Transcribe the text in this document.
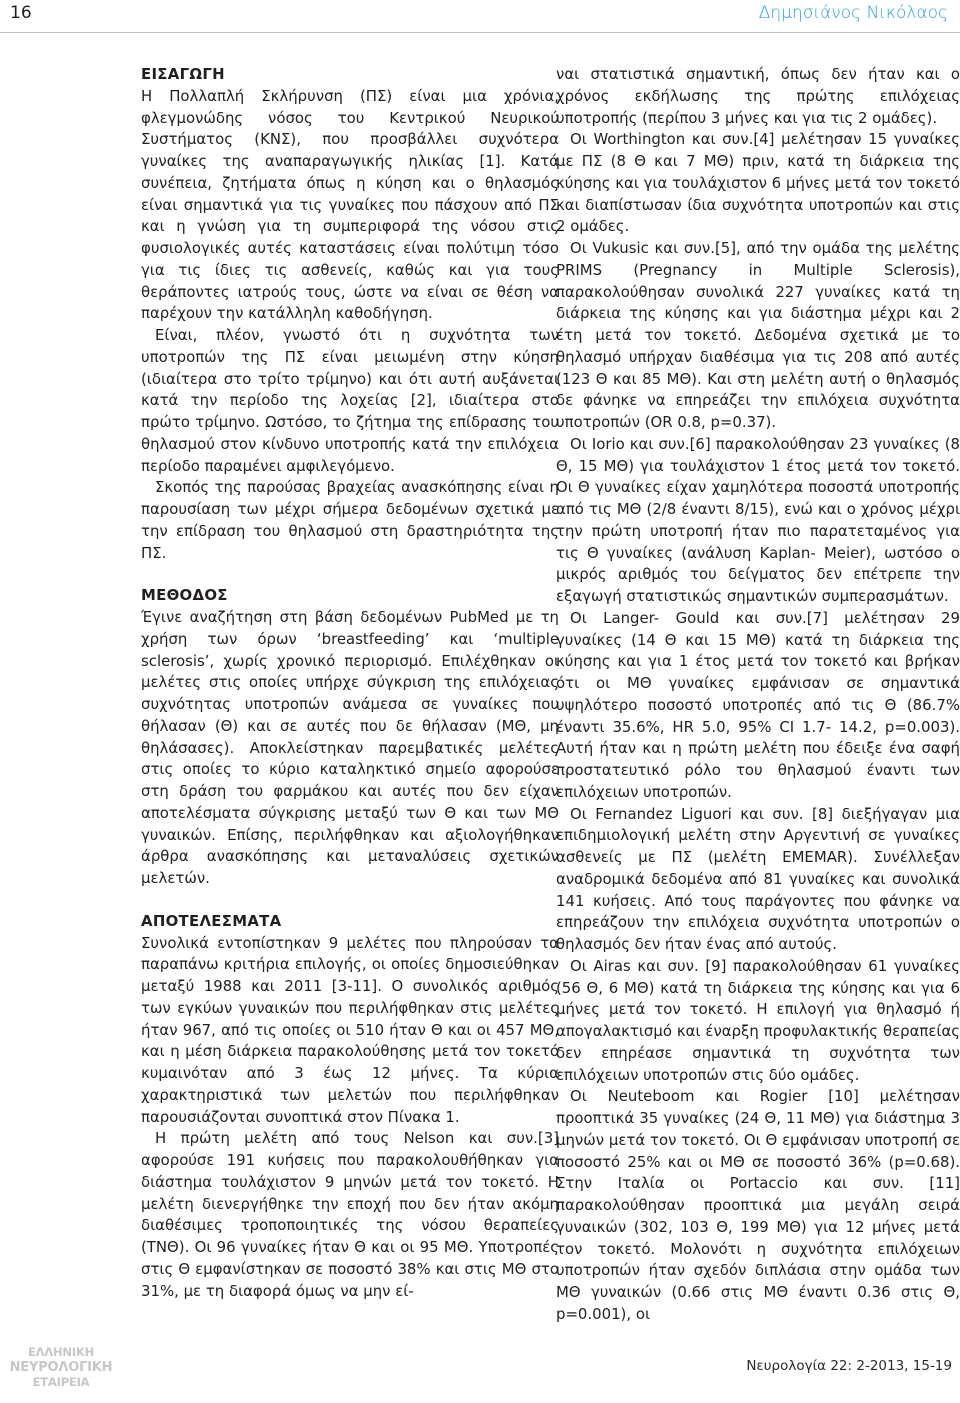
16	Δημησιάνος Νικόλαος

ΕΙΣΑΓΩΓΗ

Η Πολλαπλή Σκλήρυνση (ΠΣ) είναι μια χρόνια, φλεγμονώδης νόσος του Κεντρικού Νευρικού Συστήματος (ΚΝΣ), που προσβάλλει συχνότερα γυναίκες της αναπαραγωγικής ηλικίας [1]. Κατά συνέπεια, ζητήματα όπως η κύηση και ο θηλασμός είναι σημαντικά για τις γυναίκες που πάσχουν από ΠΣ και η γνώση για τη συμπεριφορά της νόσου στις φυσιολογικές αυτές καταστάσεις είναι πολύτιμη τόσο για τις ίδιες τις ασθενείς, καθώς και για τους θεράποντες ιατρούς τους, ώστε να είναι σε θέση να παρέχουν την κατάλληλη καθοδήγηση.

Είναι, πλέον, γνωστό ότι η συχνότητα των υποτροπών της ΠΣ είναι μειωμένη στην κύηση (ιδιαίτερα στο τρίτο τρίμηνο) και ότι αυτή αυξάνεται κατά την περίοδο της λοχείας [2], ιδιαίτερα στο πρώτο τρίμηνο. Ωστόσο, το ζήτημα της επίδρασης του θηλασμού στον κίνδυνο υποτροπής κατά την επιλόχεια περίοδο παραμένει αμφιλεγόμενο.

Σκοπός της παρούσας βραχείας ανασκόπησης είναι η παρουσίαση των μέχρι σήμερα δεδομένων σχετικά με την επίδραση του θηλασμού στη δραστηριότητα της ΠΣ.

ΜΕΘΟΔΟΣ

Έγινε αναζήτηση στη βάση δεδομένων PubMed με τη χρήση των όρων ‘breastfeeding’ και ‘multiple sclerosis’, χωρίς χρονικό περιορισμό. Επιλέχθηκαν οι μελέτες στις οποίες υπήρχε σύγκριση της επιλόχειας συχνότητας υποτροπών ανάμεσα σε γυναίκες που θήλασαν (Θ) και σε αυτές που δε θήλασαν (ΜΘ, μη θηλάσασες). Αποκλείστηκαν παρεμβατικές μελέτες στις οποίες το κύριο καταληκτικό σημείο αφορούσε στη δράση του φαρμάκου και αυτές που δεν είχαν αποτελέσματα σύγκρισης μεταξύ των Θ και των ΜΘ γυναικών. Επίσης, περιλήφθηκαν και αξιολογήθηκαν άρθρα ανασκόπησης και μεταναλύσεις σχετικών μελετών.

ΑΠΟΤΕΛΕΣΜΑΤΑ

Συνολικά εντοπίστηκαν 9 μελέτες που πληρούσαν τα παραπάνω κριτήρια επιλογής, οι οποίες δημοσιεύθηκαν μεταξύ 1988 και 2011 [3-11]. Ο συνολικός αριθμός των εγκύων γυναικών που περιλήφθηκαν στις μελέτες ήταν 967, από τις οποίες οι 510 ήταν Θ και οι 457 ΜΘ, και η μέση διάρκεια παρακολούθησης μετά τον τοκετό κυμαινόταν από 3 έως 12 μήνες. Τα κύρια χαρακτηριστικά των μελετών που περιλήφθηκαν παρουσιάζονται συνοπτικά στον Πίνακα 1.

Η πρώτη μελέτη από τους Nelson και συν.[3] αφορούσε 191 κυήσεις που παρακολουθήθηκαν για διάστημα τουλάχιστον 9 μηνών μετά τον τοκετό. Η μελέτη διενεργήθηκε την εποχή που δεν ήταν ακόμη διαθέσιμες τροποποιητικές της νόσου θεραπείες (ΤΝΘ). Οι 96 γυναίκες ήταν Θ και οι 95 ΜΘ. Υποτροπές στις Θ εμφανίστηκαν σε ποσοστό 38% και στις ΜΘ στο 31%, με τη διαφορά όμως να μην εί-

ναι στατιστικά σημαντική, όπως δεν ήταν και ο χρόνος εκδήλωσης της πρώτης επιλόχειας υποτροπής (περίπου 3 μήνες και για τις 2 ομάδες).

Οι Worthington και συν.[4] μελέτησαν 15 γυναίκες με ΠΣ (8 Θ και 7 ΜΘ) πριν, κατά τη διάρκεια της κύησης και για τουλάχιστον 6 μήνες μετά τον τοκετό και διαπίστωσαν ίδια συχνότητα υποτροπών και στις 2 ομάδες.

Οι Vukusic και συν.[5], από την ομάδα της μελέτης PRIMS (Pregnancy in Multiple Sclerosis), παρακολούθησαν συνολικά 227 γυναίκες κατά τη διάρκεια της κύησης και για διάστημα μέχρι και 2 έτη μετά τον τοκετό. Δεδομένα σχετικά με το θηλασμό υπήρχαν διαθέσιμα για τις 208 από αυτές (123 Θ και 85 ΜΘ). Και στη μελέτη αυτή ο θηλασμός δε φάνηκε να επηρεάζει την επιλόχεια συχνότητα υποτροπών (OR 0.8, p=0.37).

Οι Iorio και συν.[6] παρακολούθησαν 23 γυναίκες (8 Θ, 15 ΜΘ) για τουλάχιστον 1 έτος μετά τον τοκετό. Οι Θ γυναίκες είχαν χαμηλότερα ποσοστά υποτροπής από τις ΜΘ (2/8 έναντι 8/15), ενώ και ο χρόνος μέχρι την πρώτη υποτροπή ήταν πιο παρατεταμένος για τις Θ γυναίκες (ανάλυση Kaplan- Meier), ωστόσο ο μικρός αριθμός του δείγματος δεν επέτρεπε την εξαγωγή στατιστικώς σημαντικών συμπερασμάτων.

Οι Langer- Gould και συν.[7] μελέτησαν 29 γυναίκες (14 Θ και 15 ΜΘ) κατά τη διάρκεια της κύησης και για 1 έτος μετά τον τοκετό και βρήκαν ότι οι ΜΘ γυναίκες εμφάνισαν σε σημαντικά υψηλότερο ποσοστό υποτροπές από τις Θ (86.7% έναντι 35.6%, HR 5.0, 95% CI 1.7- 14.2, p=0.003). Αυτή ήταν και η πρώτη μελέτη που έδειξε ένα σαφή προστατευτικό ρόλο του θηλασμού έναντι των επιλόχειων υποτροπών.

Οι Fernandez Liguori και συν. [8] διεξήγαγαν μια επιδημιολογική μελέτη στην Αργεντινή σε γυναίκες ασθενείς με ΠΣ (μελέτη EMEMAR). Συνέλλεξαν αναδρομικά δεδομένα από 81 γυναίκες και συνολικά 141 κυήσεις. Από τους παράγοντες που φάνηκε να επηρεάζουν την επιλόχεια συχνότητα υποτροπών ο θηλασμός δεν ήταν ένας από αυτούς.

Οι Airas και συν. [9] παρακολούθησαν 61 γυναίκες (56 Θ, 6 ΜΘ) κατά τη διάρκεια της κύησης και για 6 μήνες μετά τον τοκετό. Η επιλογή για θηλασμό ή απογαλακτισμό και έναρξη προφυλακτικής θεραπείας δεν επηρέασε σημαντικά τη συχνότητα των επιλόχειων υποτροπών στις δύο ομάδες.

Οι Neuteboom και Rogier [10] μελέτησαν προοπτικά 35 γυναίκες (24 Θ, 11 ΜΘ) για διάστημα 3 μηνών μετά τον τοκετό. Οι Θ εμφάνισαν υποτροπή σε ποσοστό 25% και οι ΜΘ σε ποσοστό 36% (p=0.68). Στην Ιταλία οι Portaccio και συν. [11] παρακολούθησαν προοπτικά μια μεγάλη σειρά γυναικών (302, 103 Θ, 199 ΜΘ) για 12 μήνες μετά τον τοκετό. Μολονότι η συχνότητα επιλόχειων υποτροπών ήταν σχεδόν διπλάσια στην ομάδα των ΜΘ γυναικών (0.66 στις ΜΘ έναντι 0.36 στις Θ, p=0.001), οι

ΕΛΛΗΝΙΚΗ
ΝΕΥΡΟΛΟΓΙΚΗ
ΕΤΑΙΡΕΙΑ
Νευρολογία 22: 2-2013, 15-19
